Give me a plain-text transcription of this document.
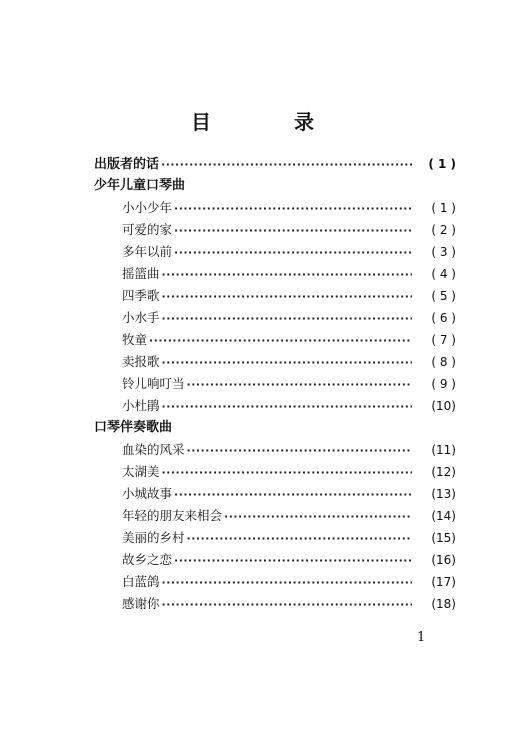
目 录
出版者的话 ·····	( 1 )
少年儿童口琴曲
小小少年 ·····	( 1 )
可爱的家 ·····	( 2 )
多年以前 ·····	( 3 )
摇篮曲 ·····	( 4 )
四季歌 ·····	( 5 )
小水手 ·····	( 6 )
牧童 ·····	( 7 )
卖报歌 ·····	( 8 )
铃儿响叮当 ·····	( 9 )
小杜鹃 ·····	(10)
口琴伴奏歌曲
血染的风采 ·····	(11)
太湖美 ·····	(12)
小城故事 ·····	(13)
年轻的朋友来相会 ·····	(14)
美丽的乡村 ·····	(15)
故乡之恋 ·····	(16)
白蓝鸽 ·····	(17)
感谢你 ·····	(18)
1
